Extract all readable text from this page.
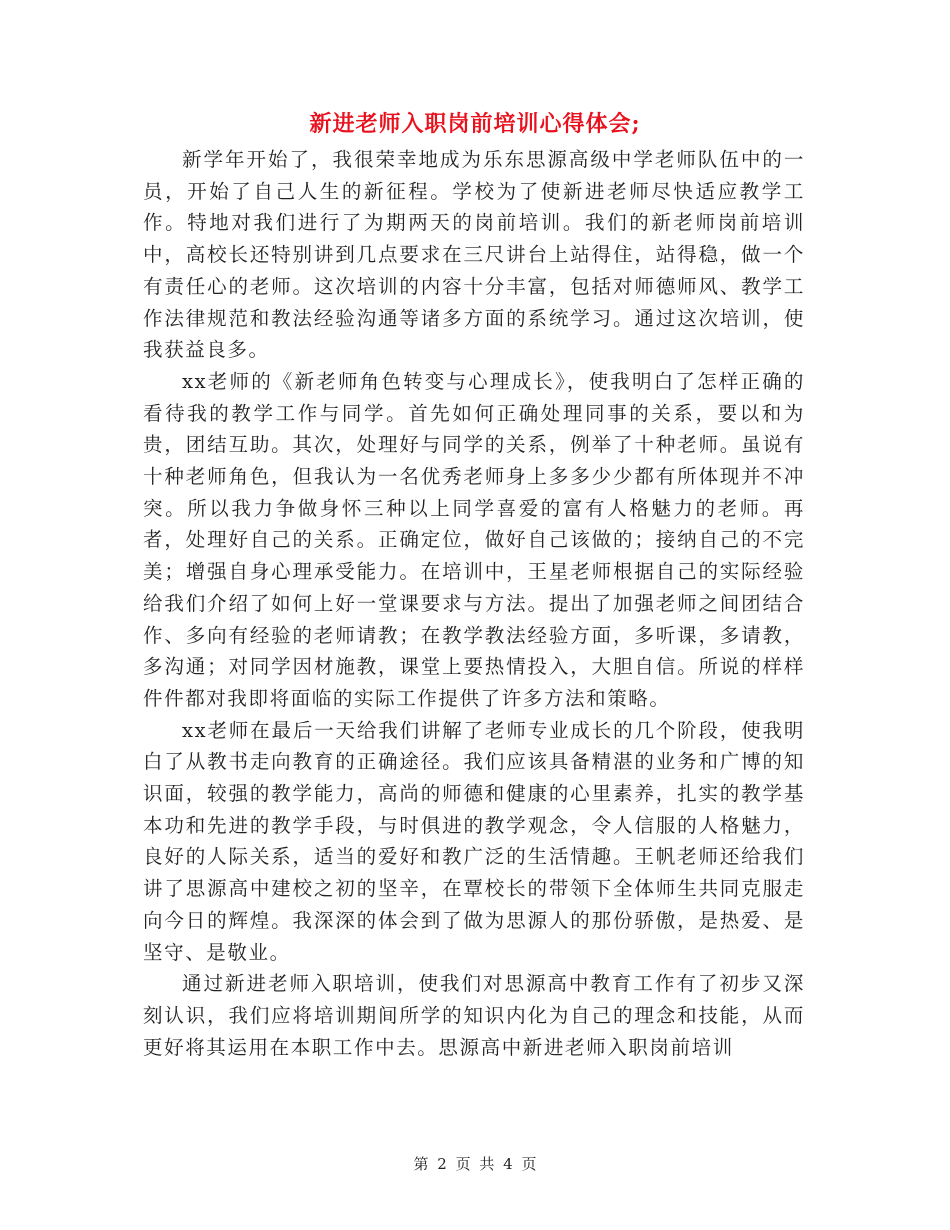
新进老师入职岗前培训心得体会;

新学年开始了，我很荣幸地成为乐东思源高级中学老师队伍中的一员，开始了自己人生的新征程。学校为了使新进老师尽快适应教学工作。特地对我们进行了为期两天的岗前培训。我们的新老师岗前培训中，高校长还特别讲到几点要求在三尺讲台上站得住，站得稳，做一个有责任心的老师。这次培训的内容十分丰富，包括对师德师风、教学工作法律规范和教法经验沟通等诸多方面的系统学习。通过这次培训，使我获益良多。

xx老师的《新老师角色转变与心理成长》，使我明白了怎样正确的看待我的教学工作与同学。首先如何正确处理同事的关系，要以和为贵，团结互助。其次，处理好与同学的关系，例举了十种老师。虽说有十种老师角色，但我认为一名优秀老师身上多多少少都有所体现并不冲突。所以我力争做身怀三种以上同学喜爱的富有人格魅力的老师。再者，处理好自己的关系。正确定位，做好自己该做的；接纳自己的不完美；增强自身心理承受能力。在培训中，王星老师根据自己的实际经验给我们介绍了如何上好一堂课要求与方法。提出了加强老师之间团结合作、多向有经验的老师请教；在教学教法经验方面，多听课，多请教，多沟通；对同学因材施教，课堂上要热情投入，大胆自信。所说的样样件件都对我即将面临的实际工作提供了许多方法和策略。

xx老师在最后一天给我们讲解了老师专业成长的几个阶段，使我明白了从教书走向教育的正确途径。我们应该具备精湛的业务和广博的知识面，较强的教学能力，高尚的师德和健康的心里素养，扎实的教学基本功和先进的教学手段，与时俱进的教学观念，令人信服的人格魅力，良好的人际关系，适当的爱好和教广泛的生活情趣。王帆老师还给我们讲了思源高中建校之初的坚辛，在覃校长的带领下全体师生共同克服走向今日的辉煌。我深深的体会到了做为思源人的那份骄傲，是热爱、是坚守、是敬业。

通过新进老师入职培训，使我们对思源高中教育工作有了初步又深刻认识，我们应将培训期间所学的知识内化为自己的理念和技能，从而更好将其运用在本职工作中去。思源高中新进老师入职岗前培训

第 2 页 共 4 页
